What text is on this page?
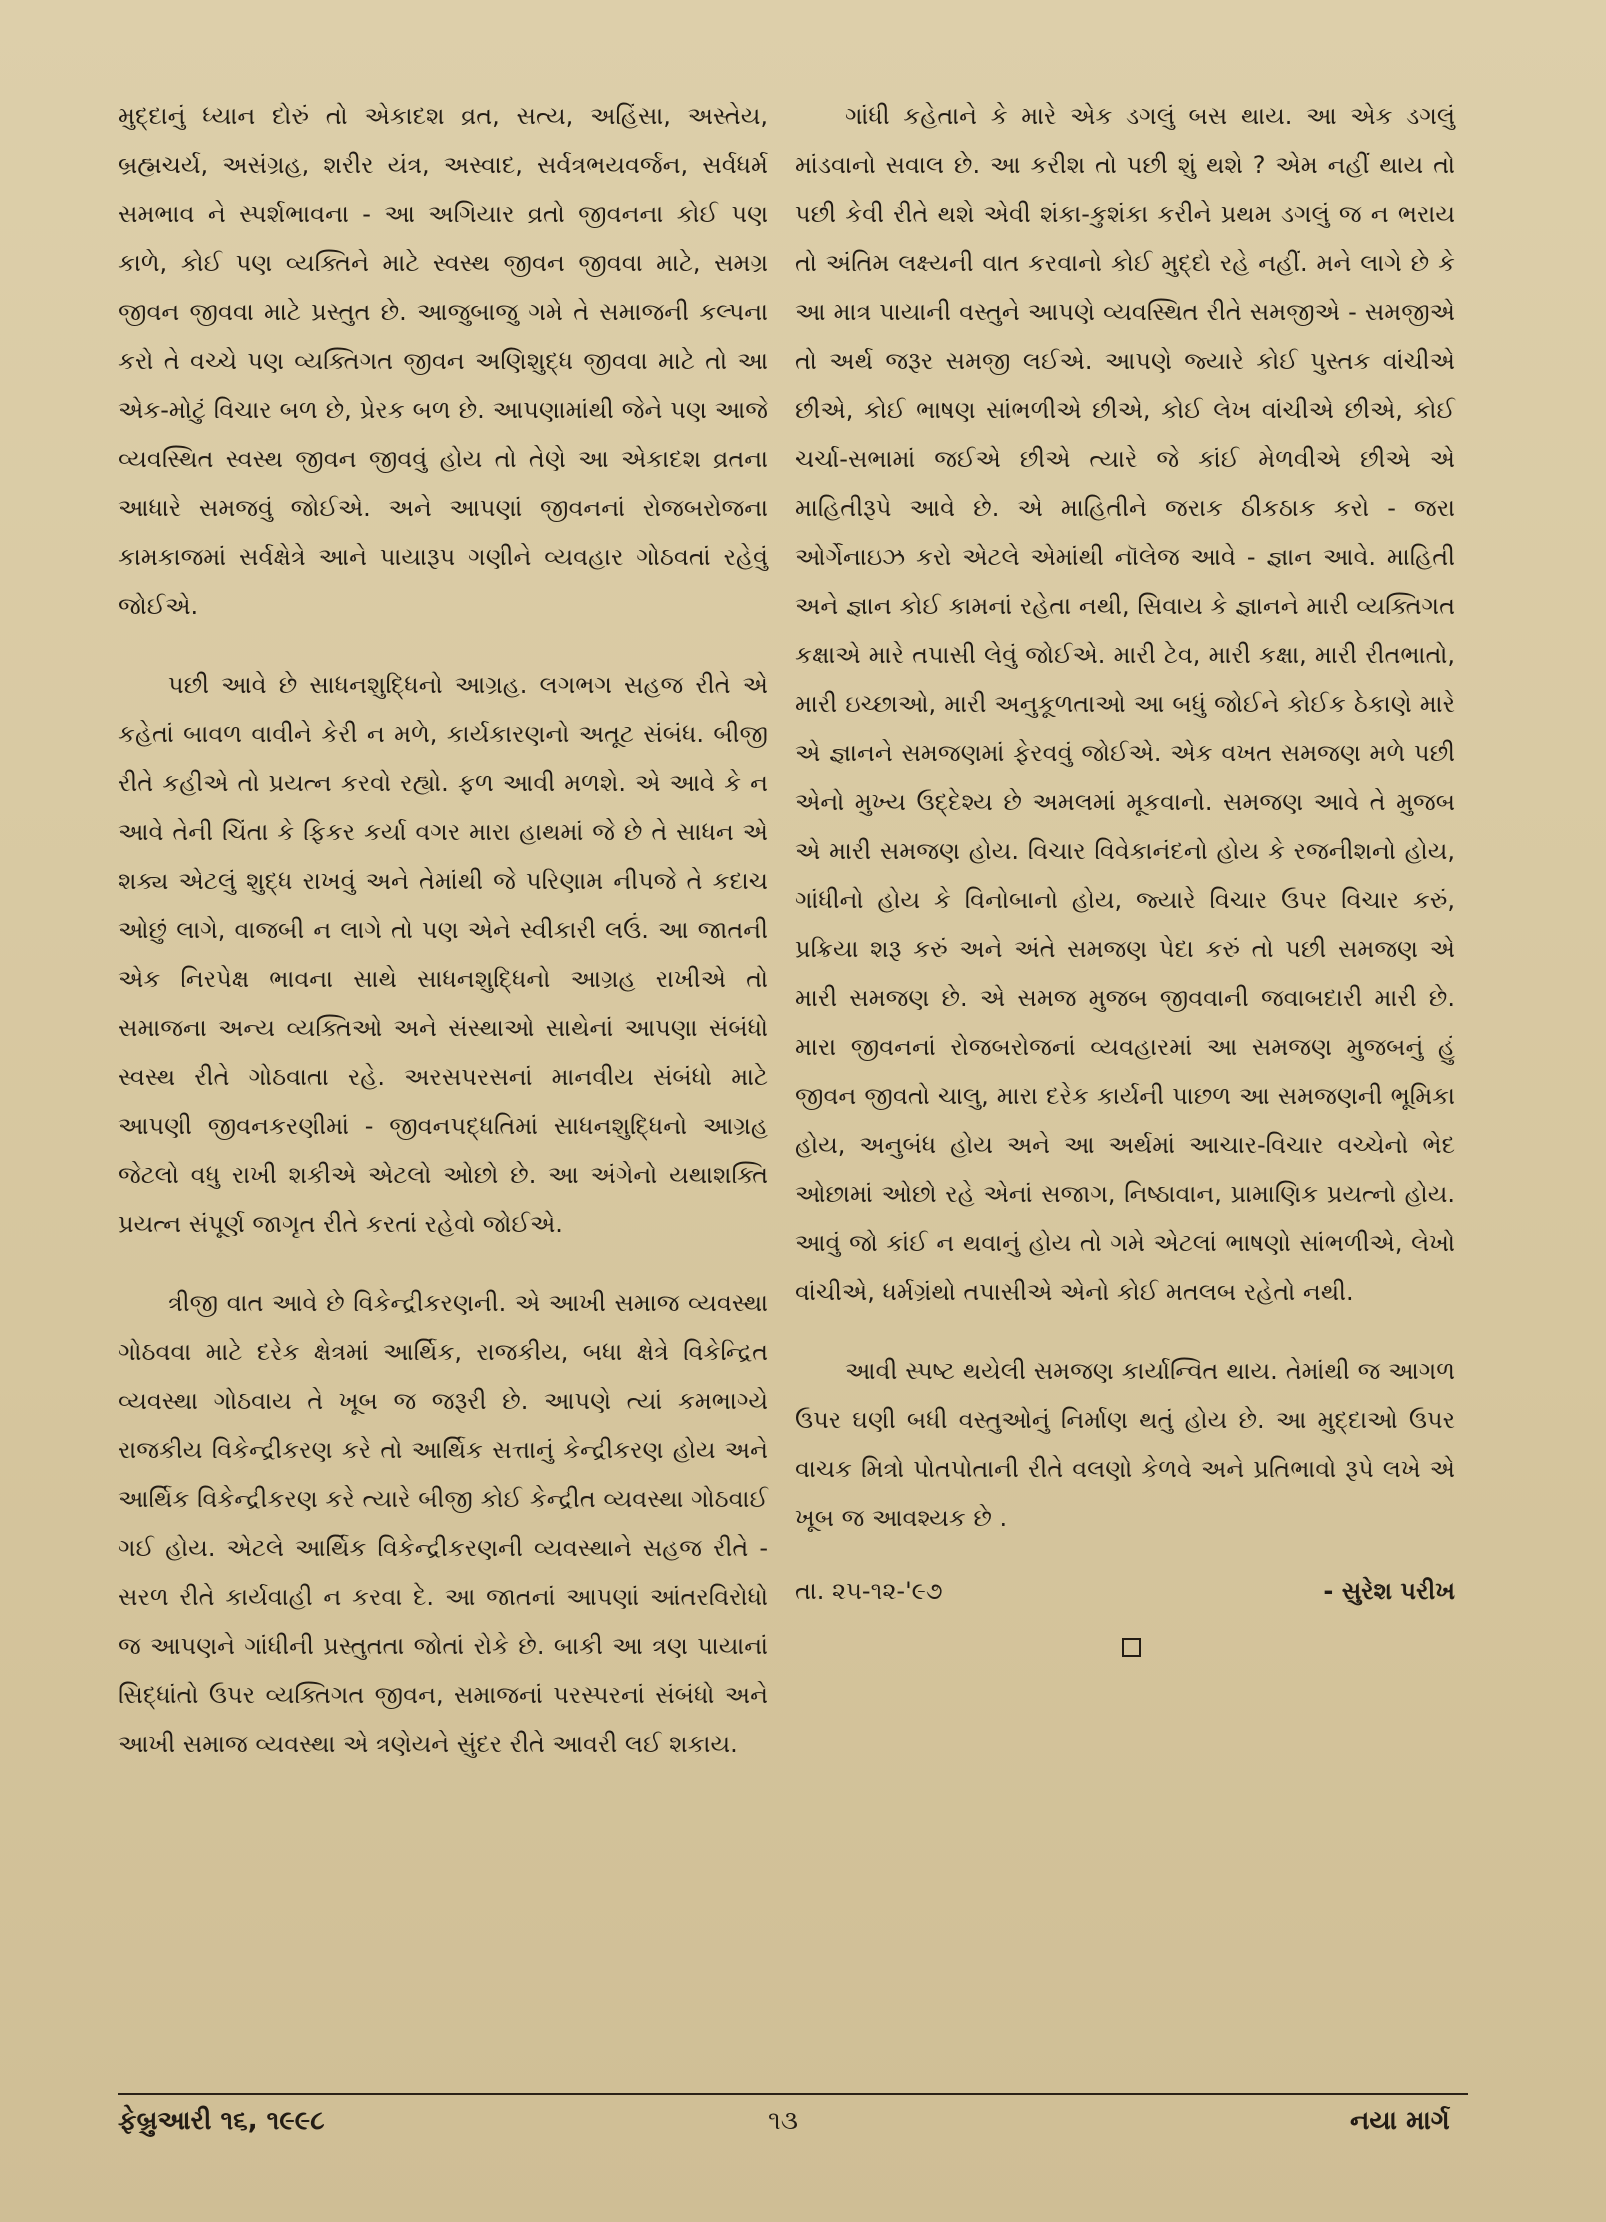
મુદ્દાનું ધ્યાન દોરું તો એકાદશ વ્રત, સત્ય, અહિંસા, અસ્તેય, બ્રહ્મચર્ય, અસંગ્રહ, શરીર યંત્ર, અસ્વાદ, સર્વત્રભયવર્જન, સર્વધર્મ સમભાવ ને સ્પર્શભાવના - આ અગિયાર વ્રતો જીવનના કોઈ પણ કાળે, કોઈ પણ વ્યક્તિને માટે સ્વસ્થ જીવન જીવવા માટે, સમગ્ર જીવન જીવવા માટે પ્રસ્તુત છે. આજુબાજુ ગમે તે સમાજની કલ્પના કરો તે વચ્ચે પણ વ્યક્તિગત જીવન અણિશુદ્ધ જીવવા માટે તો આ એક-મોટું વિચાર બળ છે, પ્રેરક બળ છે. આપણામાંથી જેને પણ આજે વ્યવસ્થિત સ્વસ્થ જીવન જીવવું હોય તો તેણે આ એકાદશ વ્રતના આધારે સમજવું જોઈએ. અને આપણાં જીવનનાં રોજબરોજના કામકાજમાં સર્વક્ષેત્રે આને પાયારૂપ ગણીને વ્યવહાર ગોઠવતાં રહેવું જોઈએ.

પછી આવે છે સાધનશુદ્ધિનો આગ્રહ. લગભગ સહજ રીતે એ કહેતાં બાવળ વાવીને કેરી ન મળે, કાર્યકારણનો અતૂટ સંબંધ. બીજી રીતે કહીએ તો પ્રયત્ન કરવો રહ્યો. ફળ આવી મળશે. એ આવે કે ન આવે તેની ચિંતા કે ફિકર કર્યા વગર મારા હાથમાં જે છે તે સાધન એ શક્ય એટલું શુદ્ધ રાખવું અને તેમાંથી જે પરિણામ નીપજે તે કદાચ ઓછું લાગે, વાજબી ન લાગે તો પણ એને સ્વીકારી લઉં. આ જાતની એક નિરપેક્ષ ભાવના સાથે સાધનશુદ્ધિનો આગ્રહ રાખીએ તો સમાજના અન્ય વ્યક્તિઓ અને સંસ્થાઓ સાથેનાં આપણા સંબંધો સ્વસ્થ રીતે ગોઠવાતા રહે. અરસપરસનાં માનવીય સંબંધો માટે આપણી જીવનકરણીમાં - જીવનપદ્ધતિમાં સાધનશુદ્ધિનો આગ્રહ જેટલો વધુ રાખી શકીએ એટલો ઓછો છે. આ અંગેનો યથાશક્તિ પ્રયત્ન સંપૂર્ણ જાગૃત રીતે કરતાં રહેવો જોઈએ.

ત્રીજી વાત આવે છે વિકેન્દ્રીકરણની. એ આખી સમાજ વ્યવસ્થા ગોઠવવા માટે દરેક ક્ષેત્રમાં આર્થિક, રાજકીય, બધા ક્ષેત્રે વિકેન્દ્રિત વ્યવસ્થા ગોઠવાય તે ખૂબ જ જરૂરી છે. આપણે ત્યાં કમભાગ્યે રાજકીય વિકેન્દ્રીકરણ કરે તો આર્થિક સત્તાનું કેન્દ્રીકરણ હોય અને આર્થિક વિકેન્દ્રીકરણ કરે ત્યારે બીજી કોઈ કેન્દ્રીત વ્યવસ્થા ગોઠવાઈ ગઈ હોય. એટલે આર્થિક વિકેન્દ્રીકરણની વ્યવસ્થાને સહજ રીતે - સરળ રીતે કાર્યવાહી ન કરવા દે. આ જાતનાં આપણાં આંતરવિરોધો જ આપણને ગાંધીની પ્રસ્તુતતા જોતાં રોકે છે. બાકી આ ત્રણ પાયાનાં સિદ્ધાંતો ઉપર વ્યક્તિગત જીવન, સમાજનાં પરસ્પરનાં સંબંધો અને આખી સમાજ વ્યવસ્થા એ ત્રણેયને સુંદર રીતે આવરી લઈ શકાય.

ગાંધી કહેતાને કે મારે એક ડગલું બસ થાય. આ એક ડગલું માંડવાનો સવાલ છે. આ કરીશ તો પછી શું થશે ? એમ નહીં થાય તો પછી કેવી રીતે થશે એવી શંકા-કુશંકા કરીને પ્રથમ ડગલું જ ન ભરાય તો અંતિમ લક્ષ્યની વાત કરવાનો કોઈ મુદ્દો રહે નહીં. મને લાગે છે કે આ માત્ર પાયાની વસ્તુને આપણે વ્યવસ્થિત રીતે સમજીએ - સમજીએ તો અર્થ જરૂર સમજી લઈએ. આપણે જ્યારે કોઈ પુસ્તક વાંચીએ છીએ, કોઈ ભાષણ સાંભળીએ છીએ, કોઈ લેખ વાંચીએ છીએ, કોઈ ચર્ચા-સભામાં જઈએ છીએ ત્યારે જે કાંઈ મેળવીએ છીએ એ માહિતીરૂપે આવે છે. એ માહિતીને જરાક ઠીકઠાક કરો - જરા ઓર્ગેનાઇઝ કરો એટલે એમાંથી નૉલેજ આવે - જ્ઞાન આવે. માહિતી અને જ્ઞાન કોઈ કામનાં રહેતા નથી, સિવાય કે જ્ઞાનને મારી વ્યક્તિગત કક્ષાએ મારે તપાસી લેવું જોઈએ. મારી ટેવ, મારી કક્ષા, મારી રીતભાતો, મારી ઇચ્છાઓ, મારી અનુકૂળતાઓ આ બધું જોઈને કોઈક ઠેકાણે મારે એ જ્ઞાનને સમજણમાં ફેરવવું જોઈએ. એક વખત સમજણ મળે પછી એનો મુખ્ય ઉદ્દેશ્ય છે અમલમાં મૂકવાનો. સમજણ આવે તે મુજબ એ મારી સમજણ હોય. વિચાર વિવેકાનંદનો હોય કે રજનીશનો હોય, ગાંધીનો હોય કે વિનોબાનો હોય, જ્યારે વિચાર ઉપર વિચાર કરું, પ્રક્રિયા શરૂ કરું અને અંતે સમજણ પેદા કરું તો પછી સમજણ એ મારી સમજણ છે. એ સમજ મુજબ જીવવાની જવાબદારી મારી છે. મારા જીવનનાં રોજબરોજનાં વ્યવહારમાં આ સમજણ મુજબનું હું જીવન જીવતો ચાલુ, મારા દરેક કાર્યની પાછળ આ સમજણની ભૂમિકા હોય, અનુબંધ હોય અને આ અર્થમાં આચાર-વિચાર વચ્ચેનો ભેદ ઓછામાં ઓછો રહે એનાં સજાગ, નિષ્ઠાવાન, પ્રામાણિક પ્રયત્નો હોય. આવું જો કાંઈ ન થવાનું હોય તો ગમે એટલાં ભાષણો સાંભળીએ, લેખો વાંચીએ, ધર્મગ્રંથો તપાસીએ એનો કોઈ મતલબ રહેતો નથી.

આવી સ્પષ્ટ થયેલી સમજણ કાર્યાન્વિત થાય. તેમાંથી જ આગળ ઉપર ઘણી બધી વસ્તુઓનું નિર્માણ થતું હોય છે. આ મુદ્દાઓ ઉપર વાચક મિત્રો પોતપોતાની રીતે વલણો કેળવે અને પ્રતિભાવો રૂપે લખે એ ખૂબ જ આવશ્યક છે .

તા. ૨૫-૧૨-'૯૭	- સુરેશ પરીખ
ફેબ્રુઆરી ૧૬, ૧૯૯૮	૧૩	નયા માર્ગ
